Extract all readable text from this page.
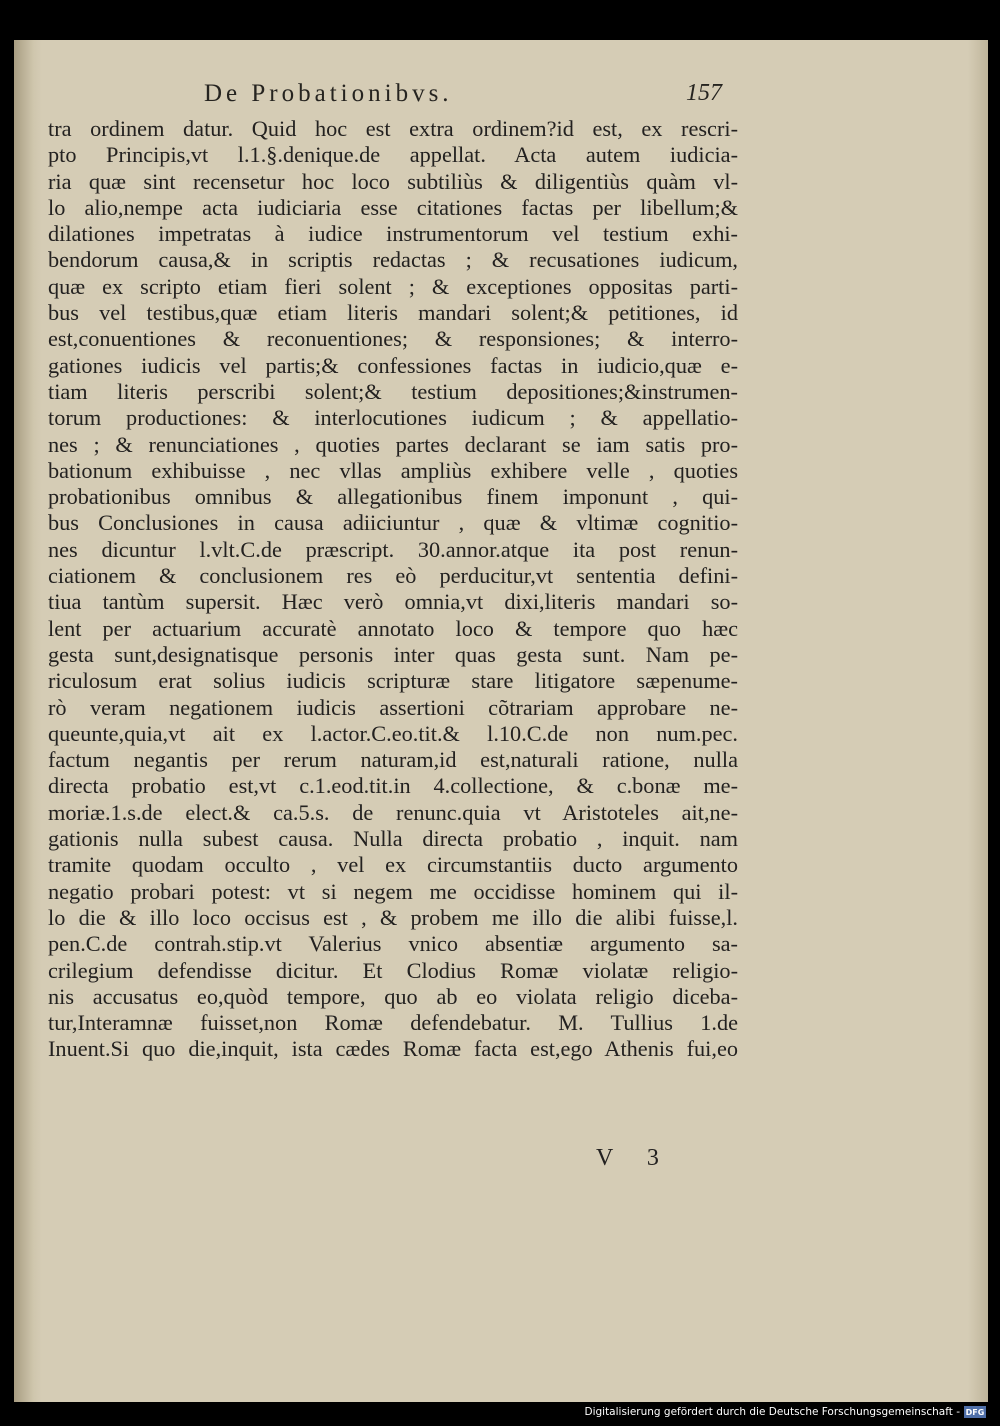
De Probationibvs.	157
tra ordinem datur. Quid hoc est extra ordinem?id est, ex rescri-
pto Principis,vt l.1.§.denique.de appellat. Acta autem iudicia-
ria quæ sint recensetur hoc loco subtiliùs & diligentiùs quàm vl-
lo alio,nempe acta iudiciaria esse citationes factas per libellum;&
dilationes impetratas à iudice instrumentorum vel testium exhi-
bendorum causa,& in scriptis redactas ; & recusationes iudicum,
quæ ex scripto etiam fieri solent ; & exceptiones oppositas parti-
bus vel testibus,quæ etiam literis mandari solent;& petitiones, id
est,conuentiones & reconuentiones; & responsiones; & interro-
gationes iudicis vel partis;& confessiones factas in iudicio,quæ e-
tiam literis perscribi solent;& testium depositiones;&instrumen-
torum productiones: & interlocutiones iudicum ; & appellatio-
nes ; & renunciationes , quoties partes declarant se iam satis pro-
bationum exhibuisse , nec vllas ampliùs exhibere velle , quoties
probationibus omnibus & allegationibus finem imponunt , qui-
bus Conclusiones in causa adiiciuntur , quæ & vltimæ cognitio-
nes dicuntur l.vlt.C.de præscript. 30.annor.atque ita post renun-
ciationem & conclusionem res eò perducitur,vt sententia defini-
tiua tantùm supersit. Hæc verò omnia,vt dixi,literis mandari so-
lent per actuarium accuratè annotato loco & tempore quo hæc
gesta sunt,designatisque personis inter quas gesta sunt. Nam pe-
riculosum erat solius iudicis scripturæ stare litigatore sæpenume-
rò veram negationem iudicis assertioni cõtrariam approbare ne-
queunte,quia,vt ait ex l.actor.C.eo.tit.& l.10.C.de non num.pec.
factum negantis per rerum naturam,id est,naturali ratione, nulla
directa probatio est,vt c.1.eod.tit.in 4.collectione, & c.bonæ me-
moriæ.1.s.de elect.& ca.5.s. de renunc.quia vt Aristoteles ait,ne-
gationis nulla subest causa. Nulla directa probatio , inquit. nam
tramite quodam occulto , vel ex circumstantiis ducto argumento
negatio probari potest: vt si negem me occidisse hominem qui il-
lo die & illo loco occisus est , & probem me illo die alibi fuisse,l.
pen.C.de contrah.stip.vt Valerius vnico absentiæ argumento sa-
crilegium defendisse dicitur. Et Clodius Romæ violatæ religio-
nis accusatus eo,quòd tempore, quo ab eo violata religio diceba-
tur,Interamnæ fuisset,non Romæ defendebatur. M. Tullius 1.de
Inuent.Si quo die,inquit, ista cædes Romæ facta est,ego Athenis fui,eo
V 3
Digitalisierung gefördert durch die Deutsche Forschungsgemeinschaft - DFG
